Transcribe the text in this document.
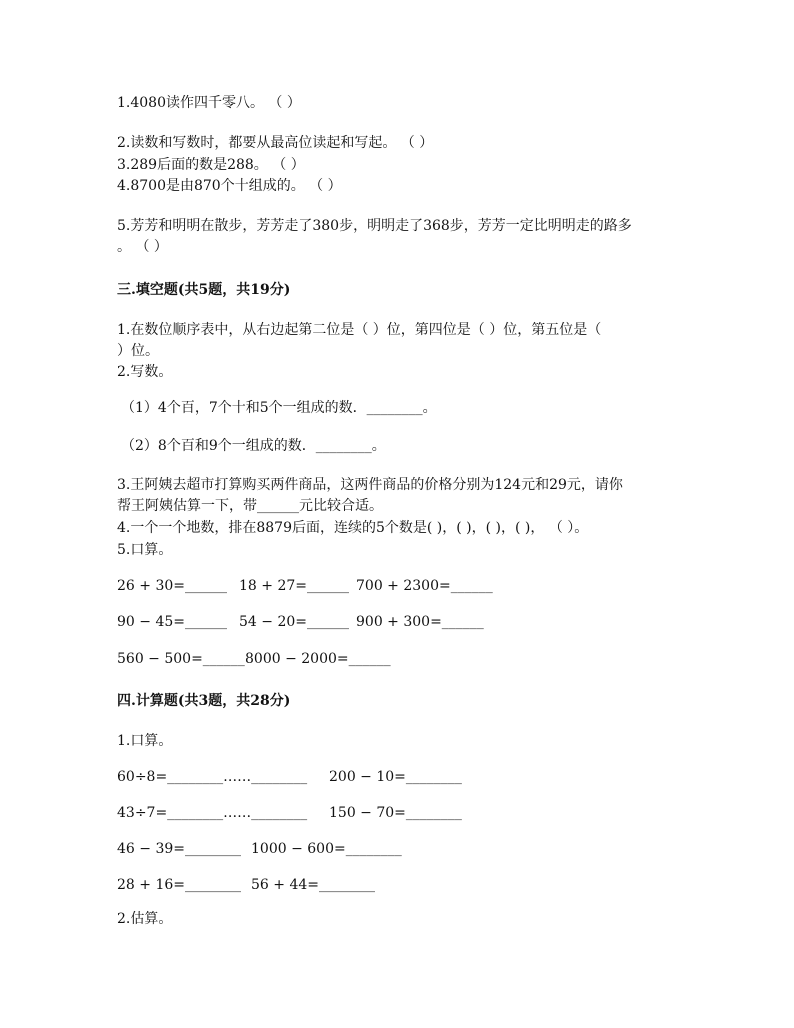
1.4080读作四千零八。 （ ）
2.读数和写数时，都要从最高位读起和写起。 （ ）
3.289后面的数是288。 （ ）
4.8700是由870个十组成的。 （ ）
5.芳芳和明明在散步，芳芳走了380步，明明走了368步，芳芳一定比明明走的路多
。 （ ）
三.填空题(共5题，共19分)
1.在数位顺序表中，从右边起第二位是（ ）位，第四位是（ ）位，第五位是（
）位。
2.写数。
（1）4个百，7个十和5个一组成的数．________。
（2）8个百和9个一组成的数．________。
3.王阿姨去超市打算购买两件商品，这两件商品的价格分别为124元和29元，请你
帮王阿姨估算一下，带______元比较合适。
4.一个一个地数，排在8879后面，连续的5个数是( )，( )，( )，( )， （ ）。
5.口算。
26 + 30=______ 18 + 27=______ 700 + 2300=______
90 − 45=______ 54 − 20=______ 900 + 300=______
560 − 500=______8000 − 2000=______
四.计算题(共3题，共28分)
1.口算。
60÷8=________……________ 200 − 10=________
43÷7=________……________ 150 − 70=________
46 − 39=________ 1000 − 600=________
28 + 16=________ 56 + 44=________
2.估算。
